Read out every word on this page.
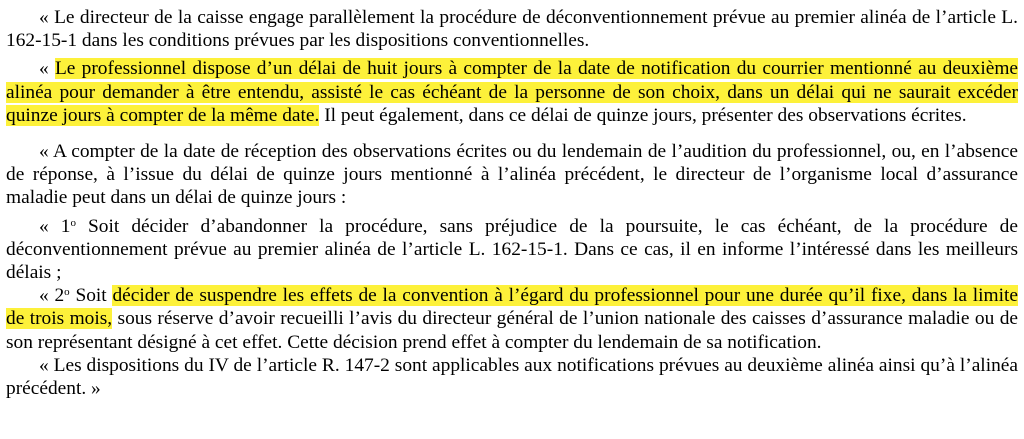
« Le directeur de la caisse engage parallèlement la procédure de déconventionnement prévue au premier alinéa de l’article L. 162-15-1 dans les conditions prévues par les dispositions conventionnelles.

« Le professionnel dispose d’un délai de huit jours à compter de la date de notification du courrier mentionné au deuxième alinéa pour demander à être entendu, assisté le cas échéant de la personne de son choix, dans un délai qui ne saurait excéder quinze jours à compter de la même date. Il peut également, dans ce délai de quinze jours, présenter des observations écrites.

« A compter de la date de réception des observations écrites ou du lendemain de l’audition du professionnel, ou, en l’absence de réponse, à l’issue du délai de quinze jours mentionné à l’alinéa précédent, le directeur de l’organisme local d’assurance maladie peut dans un délai de quinze jours :

« 1$^o$ Soit décider d’abandonner la procédure, sans préjudice de la poursuite, le cas échéant, de la procédure de déconventionnement prévue au premier alinéa de l’article L. 162-15-1. Dans ce cas, il en informe l’intéressé dans les meilleurs délais ;

« 2$^o$ Soit décider de suspendre les effets de la convention à l’égard du professionnel pour une durée qu’il fixe, dans la limite de trois mois, sous réserve d’avoir recueilli l’avis du directeur général de l’union nationale des caisses d’assurance maladie ou de son représentant désigné à cet effet. Cette décision prend effet à compter du lendemain de sa notification.

« Les dispositions du IV de l’article R. 147-2 sont applicables aux notifications prévues au deuxième alinéa ainsi qu’à l’alinéa précédent. »
